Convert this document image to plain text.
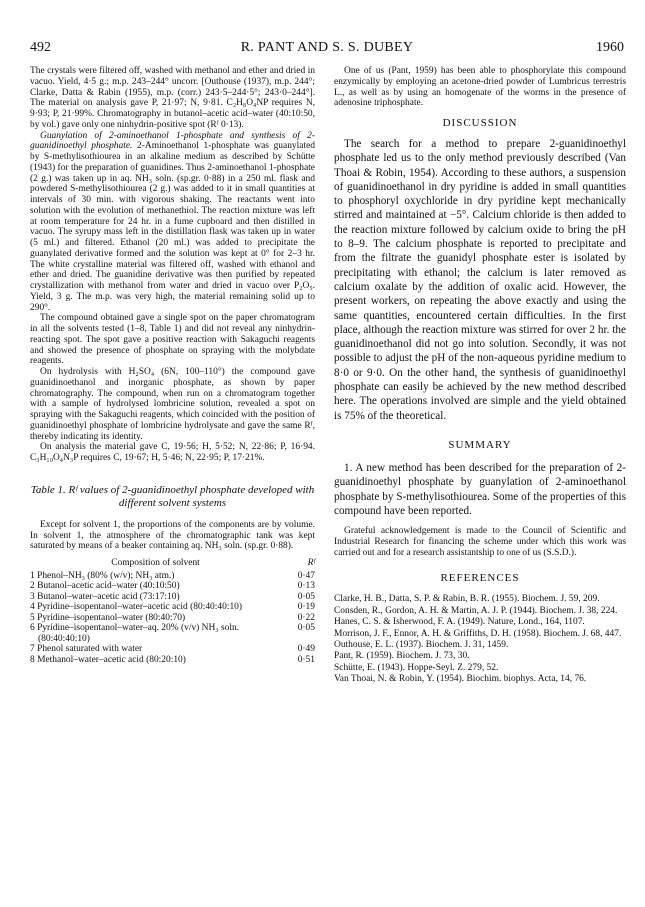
492	R. PANT AND S. S. DUBEY	1960

The crystals were filtered off, washed with methanol and ether and dried in vacuo. Yield, 4·5 g.; m.p. 243–244° uncorr. [Outhouse (1937), m.p. 244°; Clarke, Datta & Rabin (1955), m.p. (corr.) 243·5–244·5°; 243·0–244°]. The material on analysis gave P, 21·97; N, 9·81. C₂H₈O₄NP requires N, 9·93; P, 21·99%. Chromatography in butanol–acetic acid–water (40:10:50, by vol.) gave only one ninhydrin-positive spot (Rᶠ 0·13).

Guanylation of 2-aminoethanol 1-phosphate and synthesis of 2-guanidinoethyl phosphate. 2-Aminoethanol 1-phosphate was guanylated by S-methylisothiourea in an alkaline medium as described by Schütte (1943) for the preparation of guanidines. Thus 2-aminoethanol 1-phosphate (2 g.) was taken up in aq. NH₃ soln. (sp.gr. 0·88) in a 250 ml. flask and powdered S-methylisothiourea (2 g.) was added to it in small quantities at intervals of 30 min. with vigorous shaking. The reactants went into solution with the evolution of methanethiol. The reaction mixture was left at room temperature for 24 hr. in a fume cupboard and then distilled in vacuo. The syrupy mass left in the distillation flask was taken up in water (5 ml.) and filtered. Ethanol (20 ml.) was added to precipitate the guanylated derivative formed and the solution was kept at 0° for 2–3 hr. The white crystalline material was filtered off, washed with ethanol and ether and dried. The guanidine derivative was then purified by repeated crystallization with methanol from water and dried in vacuo over P₂O₅. Yield, 3 g. The m.p. was very high, the material remaining solid up to 290°.

The compound obtained gave a single spot on the paper chromatogram in all the solvents tested (1–8, Table 1) and did not reveal any ninhydrin-reacting spot. The spot gave a positive reaction with Sakaguchi reagents and showed the presence of phosphate on spraying with the molybdate reagents.

On hydrolysis with H₂SO₄ (6N, 100–110°) the compound gave guanidinoethanol and inorganic phosphate, as shown by paper chromatography. The compound, when run on a chromatogram together with a sample of hydrolysed lombricine solution, revealed a spot on spraying with the Sakaguchi reagents, which coincided with the position of guanidinoethyl phosphate of lombricine hydrolysate and gave the same Rᶠ, thereby indicating its identity.

On analysis the material gave C, 19·56; H, 5·52; N, 22·86; P, 16·94. C₃H₁₀O₄N₃P requires C, 19·67; H, 5·46; N, 22·95; P, 17·21%.

Table 1. Rᶠ values of 2-guanidinoethyl phosphate developed with different solvent systems

Except for solvent 1, the proportions of the components are by volume. In solvent 1, the atmosphere of the chromatographic tank was kept saturated by means of a beaker containing aq. NH₃ soln. (sp.gr. 0·88).

Composition of solvent	Rᶠ
1 Phenol–NH₃ (80% (w/v); NH₃ atm.)	0·47
2 Butanol–acetic acid–water (40:10:50)	0·13
3 Butanol–water–acetic acid (73:17:10)	0·05
4 Pyridine–isopentanol–water–acetic acid (80:40:40:10)	0·19
5 Pyridine–isopentanol–water (80:40:70)	0·22
6 Pyridine–isopentanol–water–aq. 20% (v/v) NH₃ soln. (80:40:40:10)	0·05
7 Phenol saturated with water	0·49
8 Methanol–water–acetic acid (80:20:10)	0·51

One of us (Pant, 1959) has been able to phosphorylate this compound enzymically by employing an acetone-dried powder of Lumbricus terrestris L., as well as by using an homogenate of the worms in the presence of adenosine triphosphate.

DISCUSSION

The search for a method to prepare 2-guanidinoethyl phosphate led us to the only method previously described (Van Thoai & Robin, 1954). According to these authors, a suspension of guanidinoethanol in dry pyridine is added in small quantities to phosphoryl oxychloride in dry pyridine kept mechanically stirred and maintained at −5°. Calcium chloride is then added to the reaction mixture followed by calcium oxide to bring the pH to 8–9. The calcium phosphate is reported to precipitate and from the filtrate the guanidyl phosphate ester is isolated by precipitating with ethanol; the calcium is later removed as calcium oxalate by the addition of oxalic acid. However, the present workers, on repeating the above exactly and using the same quantities, encountered certain difficulties. In the first place, although the reaction mixture was stirred for over 2 hr. the guanidinoethanol did not go into solution. Secondly, it was not possible to adjust the pH of the non-aqueous pyridine medium to 8·0 or 9·0. On the other hand, the synthesis of guanidinoethyl phosphate can easily be achieved by the new method described here. The operations involved are simple and the yield obtained is 75% of the theoretical.

SUMMARY

1. A new method has been described for the preparation of 2-guanidinoethyl phosphate by guanylation of 2-aminoethanol phosphate by S-methylisothiourea. Some of the properties of this compound have been reported.

Grateful acknowledgement is made to the Council of Scientific and Industrial Research for financing the scheme under which this work was carried out and for a research assistantship to one of us (S.S.D.).

REFERENCES

Clarke, H. B., Datta, S. P. & Rabin, B. R. (1955). Biochem. J. 59, 209.

Consden, R., Gordon, A. H. & Martin, A. J. P. (1944). Biochem. J. 38, 224.

Hanes, C. S. & Isherwood, F. A. (1949). Nature, Lond., 164, 1107.

Morrison, J. F., Ennor, A. H. & Griffiths, D. H. (1958). Biochem. J. 68, 447.

Outhouse, E. L. (1937). Biochem. J. 31, 1459.

Pant, R. (1959). Biochem. J. 73, 30.

Schütte, E. (1943). Hoppe-Seyl. Z. 279, 52.

Van Thoai, N. & Robin, Y. (1954). Biochim. biophys. Acta, 14, 76.
